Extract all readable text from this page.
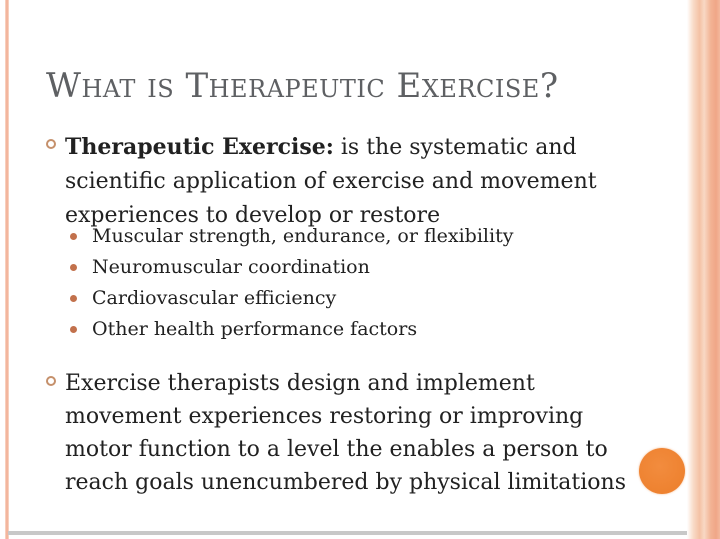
What is Therapeutic Exercise?
Therapeutic Exercise: is the systematic and
scientific application of exercise and movement
experiences to develop or restore
Muscular strength, endurance, or flexibility
Neuromuscular coordination
Cardiovascular efficiency
Other health performance factors
Exercise therapists design and implement
movement experiences restoring or improving
motor function to a level the enables a person to
reach goals unencumbered by physical limitations
